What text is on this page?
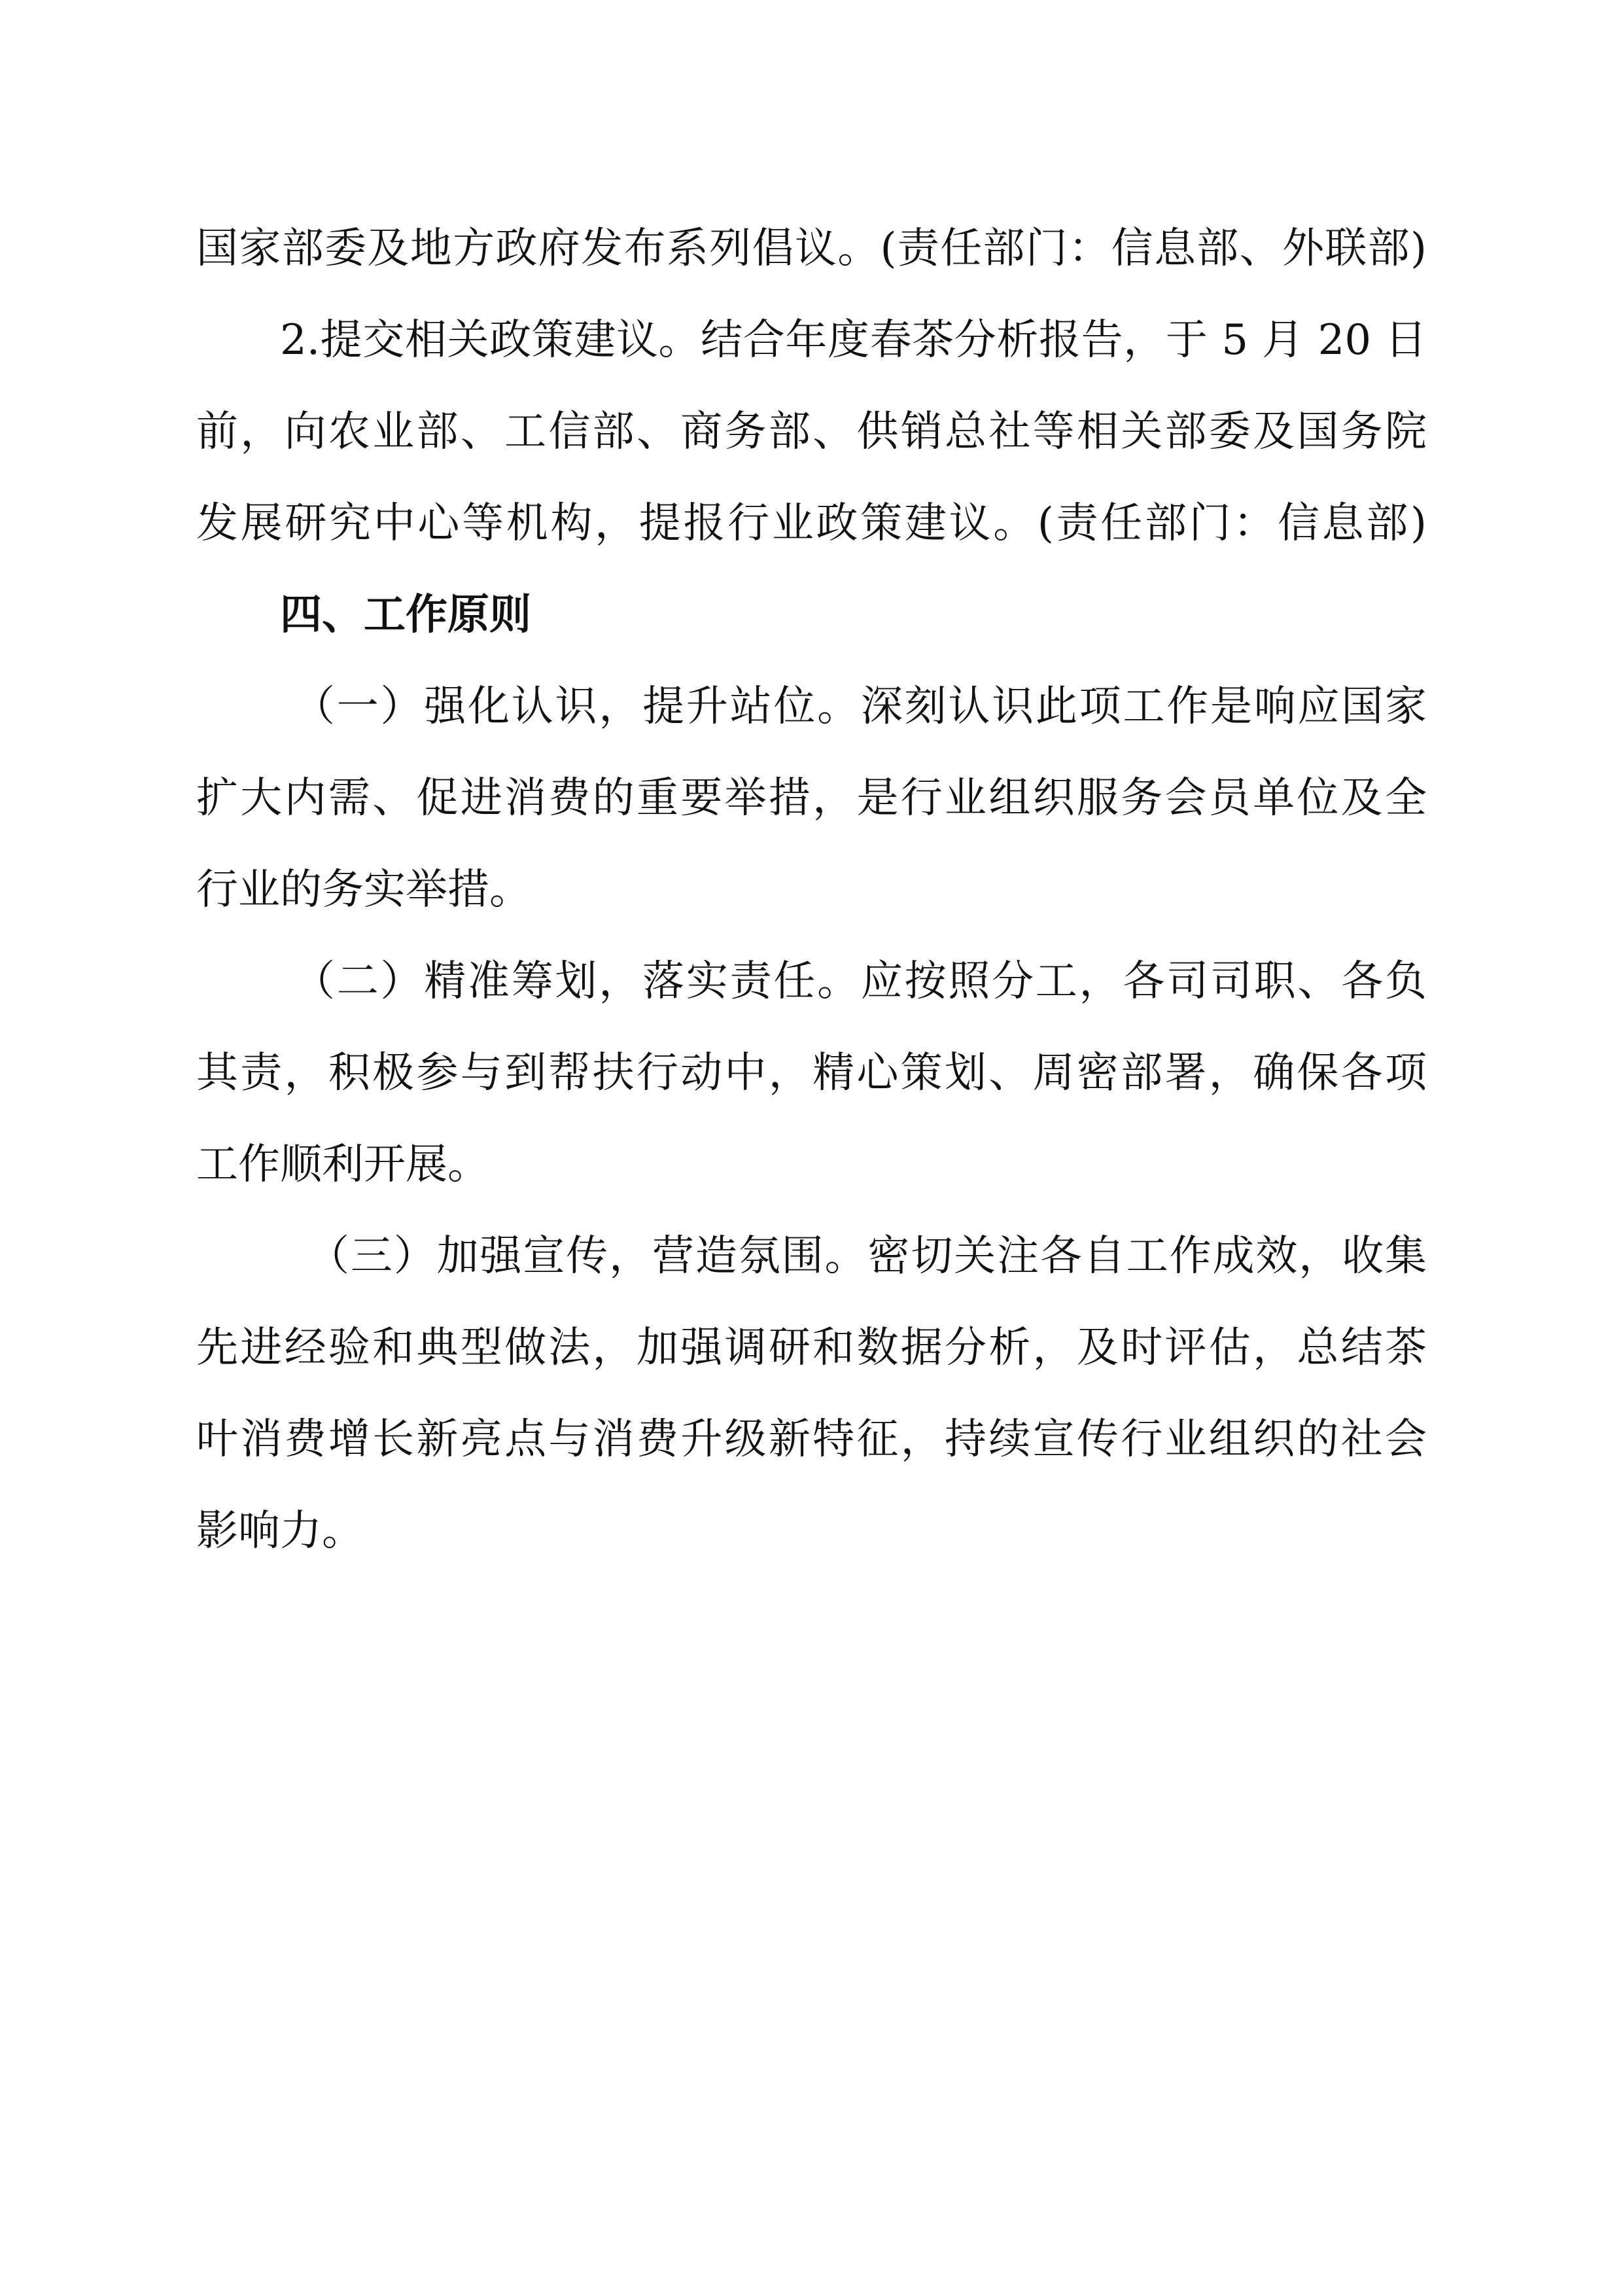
国家部委及地方政府发布系列倡议。(责任部门：信息部、外联部)
2.提交相关政策建议。结合年度春茶分析报告，于 5 月 20 日
前，向农业部、工信部、商务部、供销总社等相关部委及国务院
发展研究中心等机构，提报行业政策建议。(责任部门：信息部)
四、工作原则
（一）强化认识，提升站位。深刻认识此项工作是响应国家
扩大内需、促进消费的重要举措，是行业组织服务会员单位及全
行业的务实举措。
（二）精准筹划，落实责任。应按照分工，各司司职、各负
其责，积极参与到帮扶行动中，精心策划、周密部署，确保各项
工作顺利开展。
（三）加强宣传，营造氛围。密切关注各自工作成效，收集
先进经验和典型做法，加强调研和数据分析，及时评估，总结茶
叶消费增长新亮点与消费升级新特征，持续宣传行业组织的社会
影响力。
